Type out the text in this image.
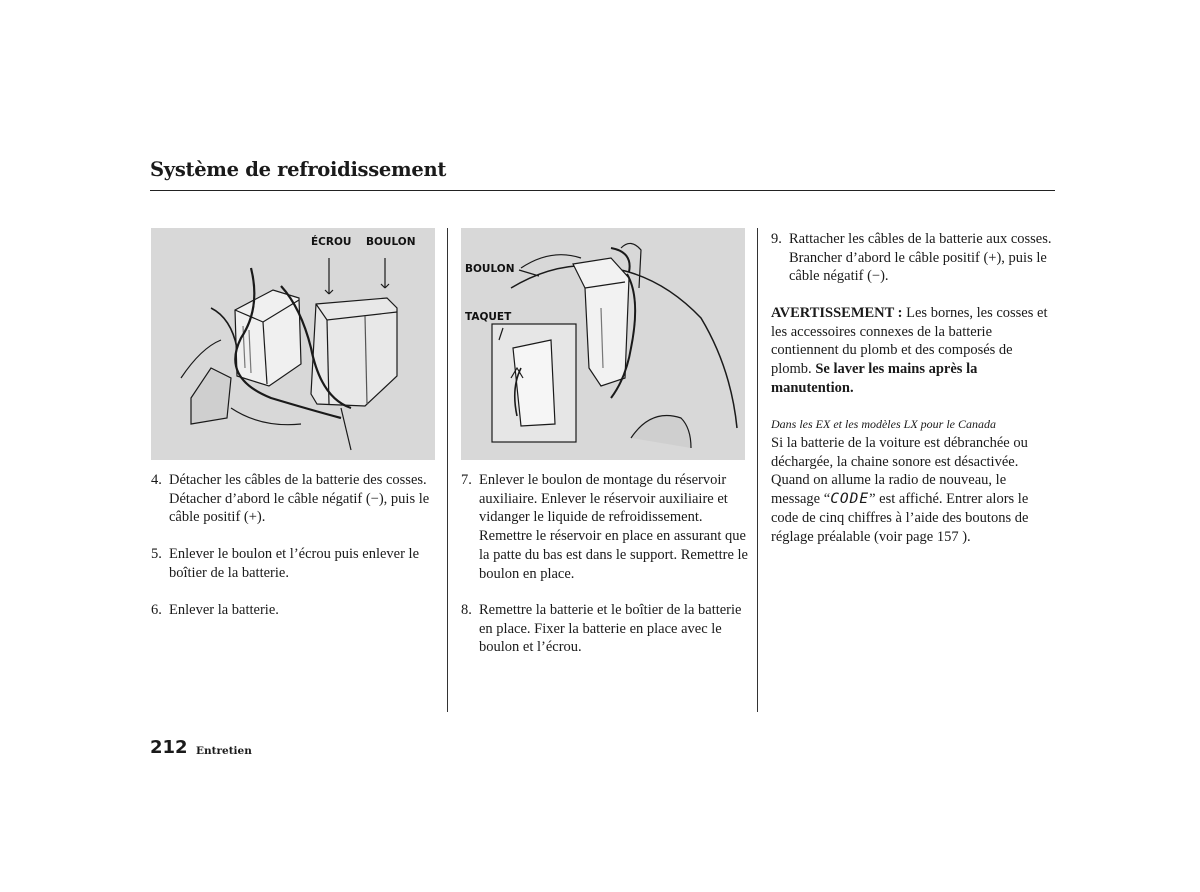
Système de refroidissement
ÉCROU BOULON
BOULON
TAQUET
4. Détacher les câbles de la batterie des cosses. Détacher d’abord le câble négatif (−), puis le câble positif (+).
5. Enlever le boulon et l’écrou puis enlever le boîtier de la batterie.
6. Enlever la batterie.
7. Enlever le boulon de montage du réservoir auxiliaire. Enlever le réservoir auxiliaire et vidanger le liquide de refroidissement. Remettre le réservoir en place en assurant que la patte du bas est dans le support. Remettre le boulon en place.
8. Remettre la batterie et le boîtier de la batterie en place. Fixer la batterie en place avec le boulon et l’écrou.
9. Rattacher les câbles de la batterie aux cosses. Brancher d’abord le câble positif (+), puis le câble négatif (−).
AVERTISSEMENT : Les bornes, les cosses et les accessoires connexes de la batterie contiennent du plomb et des composés de plomb. Se laver les mains après la manutention.
Dans les EX et les modèles LX pour le Canada
Si la batterie de la voiture est débranchée ou déchargée, la chaine sonore est désactivée. Quand on allume la radio de nouveau, le message “CODE” est affiché. Entrer alors le code de cinq chiffres à l’aide des boutons de réglage préalable (voir page 157 ).
212 Entretien
